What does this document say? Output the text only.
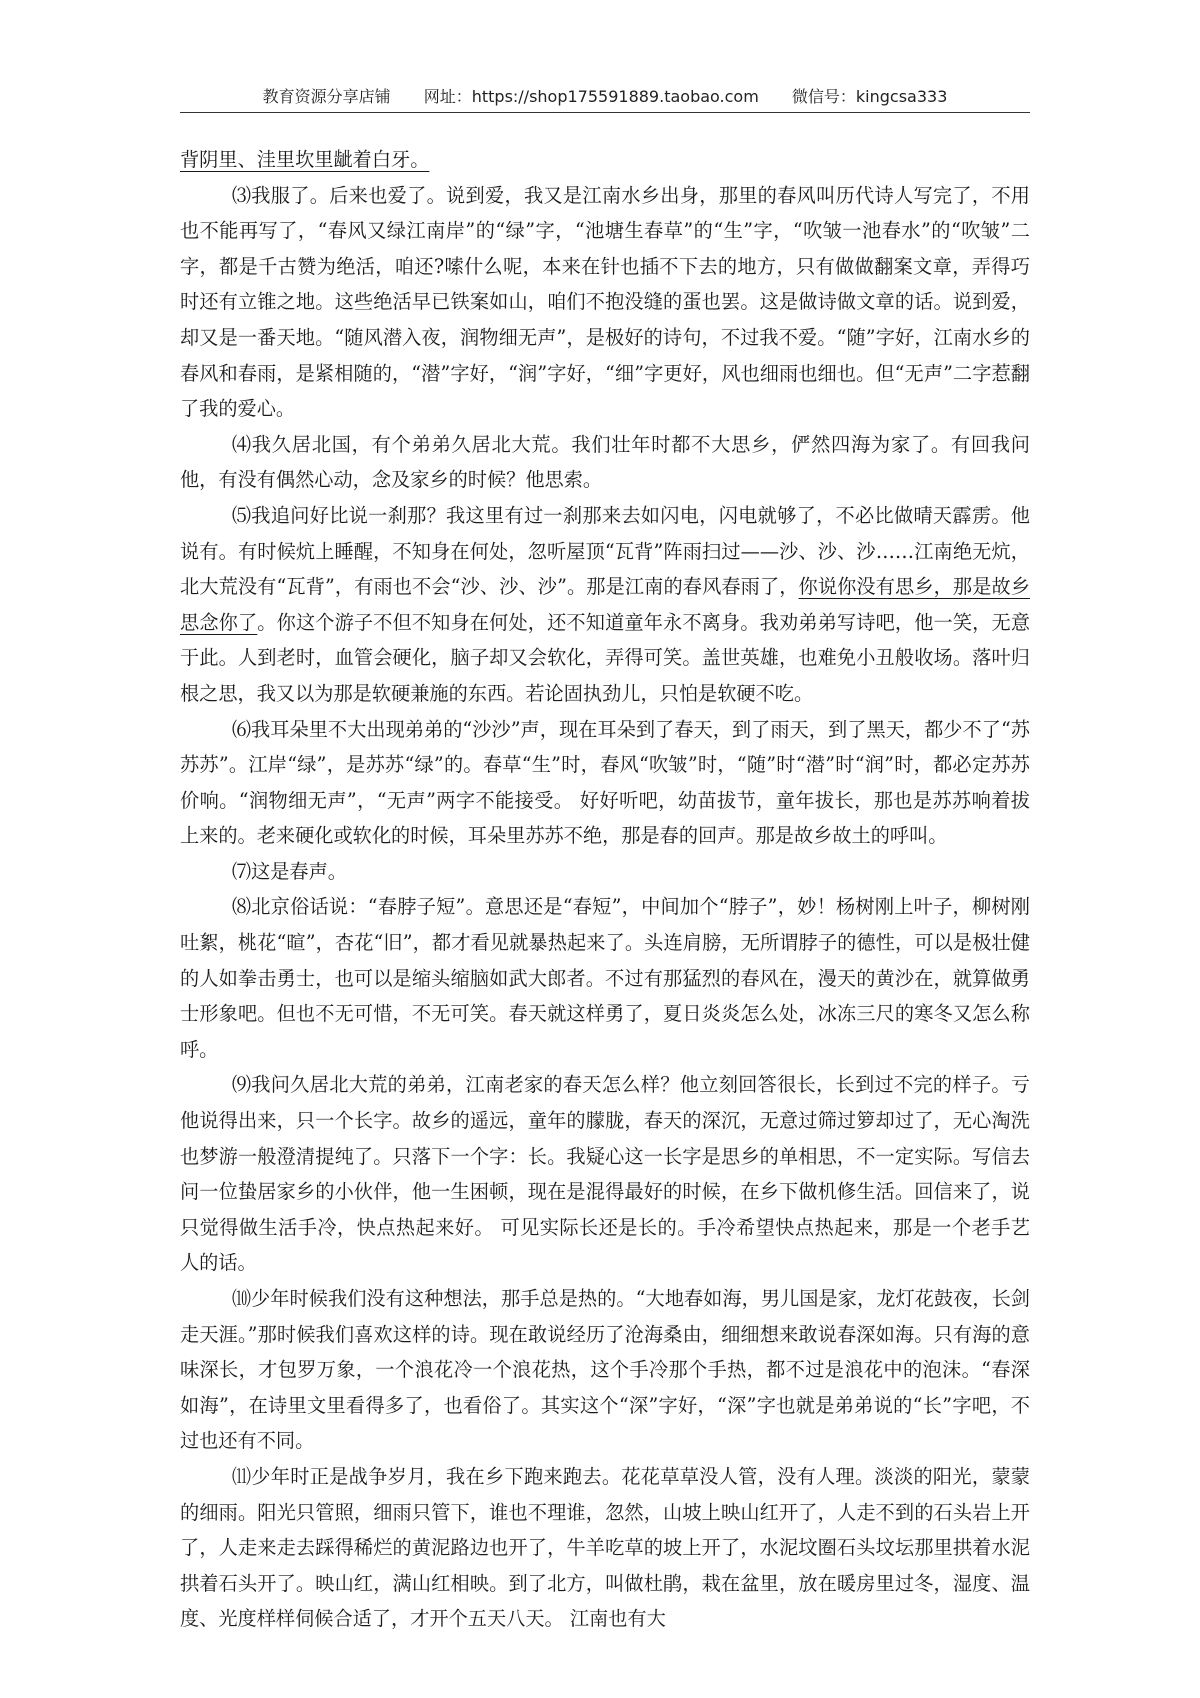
教育资源分享店铺 网址：https://shop175591889.taobao.com 微信号：kingcsa333

背阴里、洼里坎里龇着白牙。

⑶我服了。后来也爱了。说到爱，我又是江南水乡出身，那里的春风叫历代诗人写完了，不用也不能再写了，“春风又绿江南岸”的“绿”字，“池塘生春草”的“生”字，“吹皱一池春水”的“吹皱”二字，都是千古赞为绝活，咱还?嗦什么呢，本来在针也插不下去的地方，只有做做翻案文章，弄得巧时还有立锥之地。这些绝活早已铁案如山，咱们不抱没缝的蛋也罢。这是做诗做文章的话。说到爱，却又是一番天地。“随风潜入夜，润物细无声”，是极好的诗句，不过我不爱。“随”字好，江南水乡的春风和春雨，是紧相随的，“潜”字好，“润”字好，“细”字更好，风也细雨也细也。但“无声”二字惹翻了我的爱心。

⑷我久居北国，有个弟弟久居北大荒。我们壮年时都不大思乡，俨然四海为家了。有回我问他，有没有偶然心动，念及家乡的时候？他思索。

⑸我追问好比说一刹那？我这里有过一刹那来去如闪电，闪电就够了，不必比做晴天霹雳。他说有。有时候炕上睡醒，不知身在何处，忽听屋顶“瓦背”阵雨扫过——沙、沙、沙……江南绝无炕，北大荒没有“瓦背”，有雨也不会“沙、沙、沙”。那是江南的春风春雨了，你说你没有思乡，那是故乡思念你了。你这个游子不但不知身在何处，还不知道童年永不离身。我劝弟弟写诗吧，他一笑，无意于此。人到老时，血管会硬化，脑子却又会软化，弄得可笑。盖世英雄，也难免小丑般收场。落叶归根之思，我又以为那是软硬兼施的东西。若论固执劲儿，只怕是软硬不吃。

⑹我耳朵里不大出现弟弟的“沙沙”声，现在耳朵到了春天，到了雨天，到了黑天，都少不了“苏苏苏”。江岸“绿”，是苏苏“绿”的。春草“生”时，春风“吹皱”时，“随”时“潜”时“润”时，都必定苏苏价响。“润物细无声”，“无声”两字不能接受。 好好听吧，幼苗拔节，童年拔长，那也是苏苏响着拔上来的。老来硬化或软化的时候，耳朵里苏苏不绝，那是春的回声。那是故乡故土的呼叫。

⑺这是春声。

⑻北京俗话说：“春脖子短”。意思还是“春短”，中间加个“脖子”，妙！杨树刚上叶子，柳树刚吐絮，桃花“暄”，杏花“旧”，都才看见就暴热起来了。头连肩膀，无所谓脖子的德性，可以是极壮健的人如拳击勇士，也可以是缩头缩脑如武大郎者。不过有那猛烈的春风在，漫天的黄沙在，就算做勇士形象吧。但也不无可惜，不无可笑。春天就这样勇了，夏日炎炎怎么处，冰冻三尺的寒冬又怎么称呼。

⑼我问久居北大荒的弟弟，江南老家的春天怎么样？他立刻回答很长，长到过不完的样子。亏他说得出来，只一个长字。故乡的遥远，童年的朦胧，春天的深沉，无意过筛过箩却过了，无心淘洗也梦游一般澄清提纯了。只落下一个字：长。我疑心这一长字是思乡的单相思，不一定实际。写信去问一位蛰居家乡的小伙伴，他一生困顿，现在是混得最好的时候，在乡下做机修生活。回信来了，说只觉得做生活手冷，快点热起来好。 可见实际长还是长的。手冷希望快点热起来，那是一个老手艺人的话。

⑽少年时候我们没有这种想法，那手总是热的。“大地春如海，男儿国是家，龙灯花鼓夜，长剑走天涯。”那时候我们喜欢这样的诗。现在敢说经历了沧海桑由，细细想来敢说春深如海。只有海的意味深长，才包罗万象，一个浪花冷一个浪花热，这个手冷那个手热，都不过是浪花中的泡沫。“春深如海”，在诗里文里看得多了，也看俗了。其实这个“深”字好，“深”字也就是弟弟说的“长”字吧，不过也还有不同。

⑾少年时正是战争岁月，我在乡下跑来跑去。花花草草没人管，没有人理。淡淡的阳光，蒙蒙的细雨。阳光只管照，细雨只管下，谁也不理谁，忽然，山坡上映山红开了，人走不到的石头岩上开了，人走来走去踩得稀烂的黄泥路边也开了，牛羊吃草的坡上开了，水泥坟圈石头坟坛那里拱着水泥拱着石头开了。映山红，满山红相映。到了北方，叫做杜鹃，栽在盆里，放在暖房里过冬，湿度、温度、光度样样伺候合适了，才开个五天八天。 江南也有大
